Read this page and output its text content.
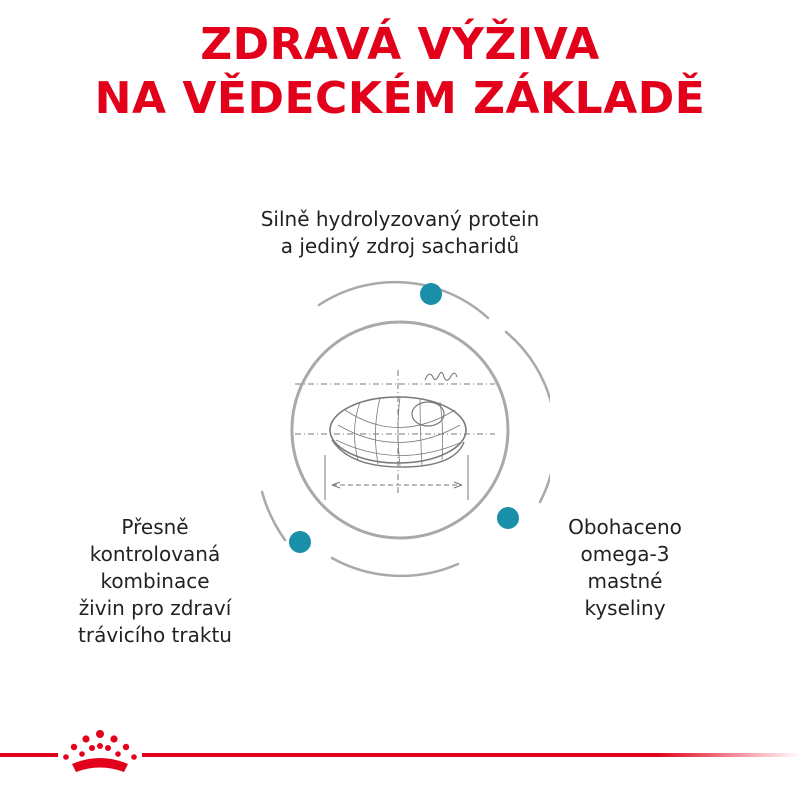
ZDRAVÁ VÝŽIVA
NA VĚDECKÉM ZÁKLADĚ
Silně hydrolyzovaný protein
a jediný zdroj sacharidů
Přesně
kontrolovaná
kombinace
živin pro zdraví
trávicího traktu
Obohaceno
omega-3
mastné
kyseliny
